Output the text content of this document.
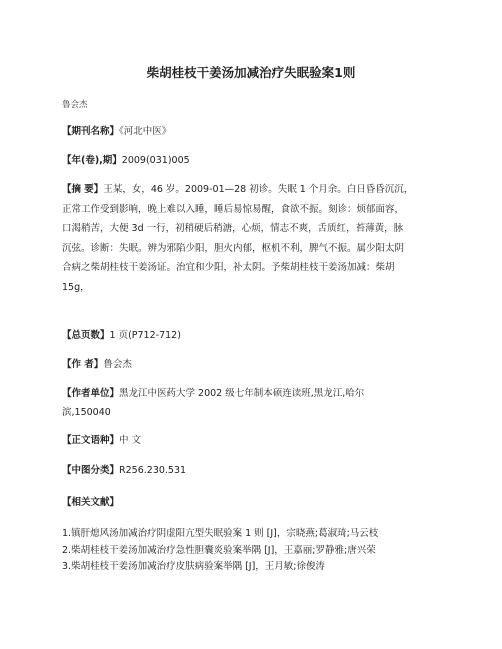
柴胡桂枝干姜汤加减治疗失眠验案1则
鲁会杰
【期刊名称】《河北中医》
【年(卷),期】2009(031)005
【摘 要】王某，女，46 岁。2009-01—28 初诊。失眠 1 个月余。白日昏昏沉沉，
正常工作受到影响，晚上难以入睡，睡后易惊易醒，食欲不振。刻诊：烦郁面容，
口渴稍苦，大便 3d 一行，初稍硬后稍溏，心烦，情志不爽，舌质红，苔薄黄，脉
沉弦。诊断：失眠。辨为邪陷少阳，胆火内郁，枢机不利，脾气不振。属少阳太阴
合病之柴胡桂枝干姜汤证。治宜和少阳，补太阴。予柴胡桂枝干姜汤加减：柴胡
15g，
【总页数】1 页(P712-712)
【作 者】鲁会杰
【作者单位】黑龙江中医药大学 2002 级七年制本硕连读班,黑龙江,哈尔
滨,150040
【正文语种】中 文
【中图分类】R256.230.531
【相关文献】
1.镇肝熄风汤加减治疗阴虚阳亢型失眠验案 1 则 [J]，宗晓燕;葛淑琦;马云枝
2.柴胡桂枝干姜汤加减治疗急性胆囊炎验案举隅 [J]，王嘉丽;罗静雅;唐兴荣
3.柴胡桂枝干姜汤加减治疗皮肤病验案举隅 [J]，王月敏;徐俊涛
